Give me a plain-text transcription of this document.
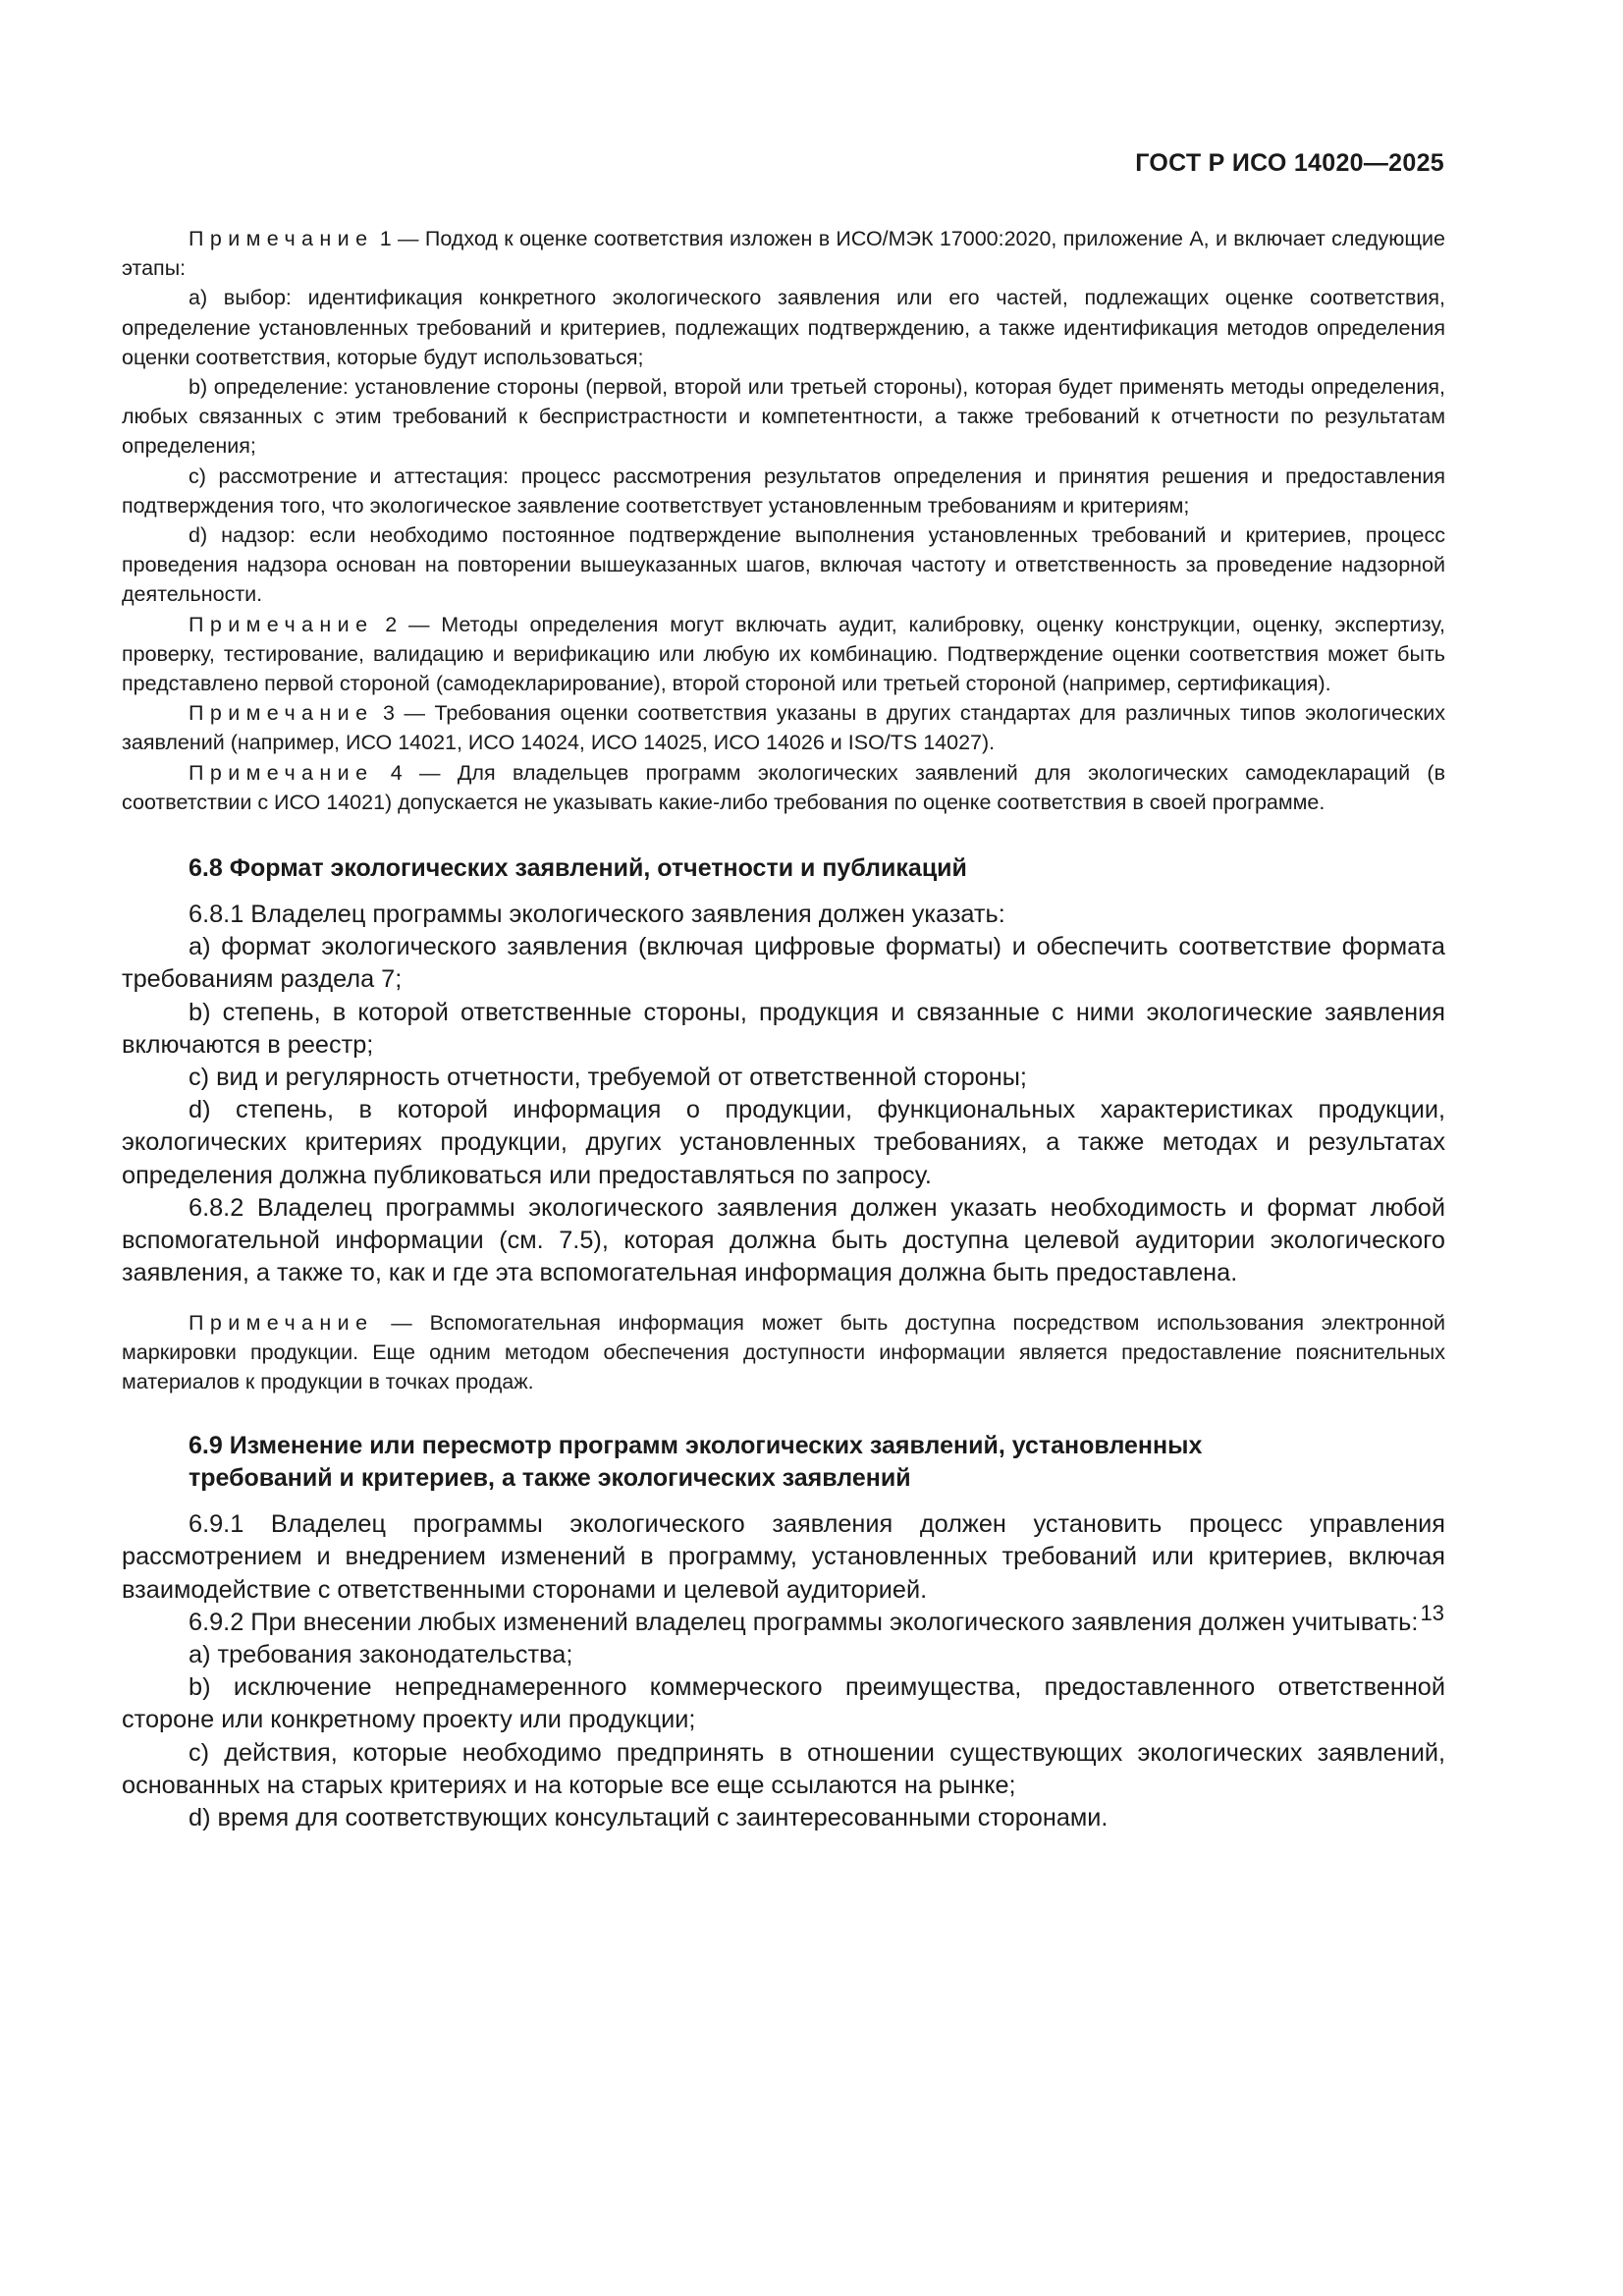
ГОСТ Р ИСО 14020—2025

Примечание 1 — Подход к оценке соответствия изложен в ИСО/МЭК 17000:2020, приложение А, и включает следующие этапы:

а) выбор: идентификация конкретного экологического заявления или его частей, подлежащих оценке соответствия, определение установленных требований и критериев, подлежащих подтверждению, а также идентификация методов определения оценки соответствия, которые будут использоваться;

b) определение: установление стороны (первой, второй или третьей стороны), которая будет применять методы определения, любых связанных с этим требований к беспристрастности и компетентности, а также требований к отчетности по результатам определения;

с) рассмотрение и аттестация: процесс рассмотрения результатов определения и принятия решения и предоставления подтверждения того, что экологическое заявление соответствует установленным требованиям и критериям;

d) надзор: если необходимо постоянное подтверждение выполнения установленных требований и критериев, процесс проведения надзора основан на повторении вышеуказанных шагов, включая частоту и ответственность за проведение надзорной деятельности.

Примечание 2 — Методы определения могут включать аудит, калибровку, оценку конструкции, оценку, экспертизу, проверку, тестирование, валидацию и верификацию или любую их комбинацию. Подтверждение оценки соответствия может быть представлено первой стороной (самодекларирование), второй стороной или третьей стороной (например, сертификация).

Примечание 3 — Требования оценки соответствия указаны в других стандартах для различных типов экологических заявлений (например, ИСО 14021, ИСО 14024, ИСО 14025, ИСО 14026 и ISO/TS 14027).

Примечание 4 — Для владельцев программ экологических заявлений для экологических самодеклараций (в соответствии с ИСО 14021) допускается не указывать какие-либо требования по оценке соответствия в своей программе.

6.8 Формат экологических заявлений, отчетности и публикаций

6.8.1 Владелец программы экологического заявления должен указать:

а) формат экологического заявления (включая цифровые форматы) и обеспечить соответствие формата требованиям раздела 7;

b) степень, в которой ответственные стороны, продукция и связанные с ними экологические заявления включаются в реестр;

с) вид и регулярность отчетности, требуемой от ответственной стороны;

d) степень, в которой информация о продукции, функциональных характеристиках продукции, экологических критериях продукции, других установленных требованиях, а также методах и результатах определения должна публиковаться или предоставляться по запросу.

6.8.2 Владелец программы экологического заявления должен указать необходимость и формат любой вспомогательной информации (см. 7.5), которая должна быть доступна целевой аудитории экологического заявления, а также то, как и где эта вспомогательная информация должна быть предоставлена.

Примечание — Вспомогательная информация может быть доступна посредством использования электронной маркировки продукции. Еще одним методом обеспечения доступности информации является предоставление пояснительных материалов к продукции в точках продаж.

6.9 Изменение или пересмотр программ экологических заявлений, установленных
требований и критериев, а также экологических заявлений

6.9.1 Владелец программы экологического заявления должен установить процесс управления рассмотрением и внедрением изменений в программу, установленных требований или критериев, включая взаимодействие с ответственными сторонами и целевой аудиторией.

6.9.2 При внесении любых изменений владелец программы экологического заявления должен учитывать:

а) требования законодательства;

b) исключение непреднамеренного коммерческого преимущества, предоставленного ответственной стороне или конкретному проекту или продукции;

с) действия, которые необходимо предпринять в отношении существующих экологических заявлений, основанных на старых критериях и на которые все еще ссылаются на рынке;

d) время для соответствующих консультаций с заинтересованными сторонами.

13
